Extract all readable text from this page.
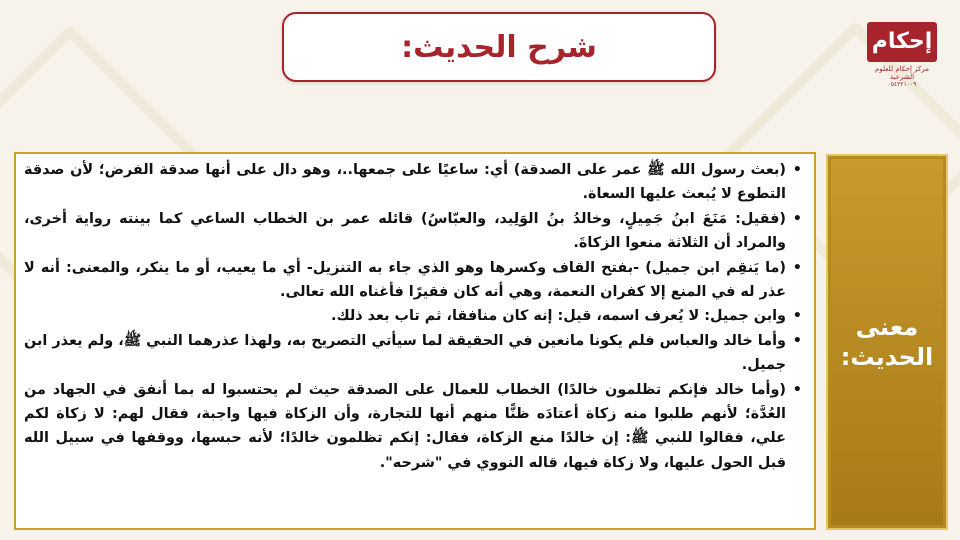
شرح الحديث:	إحكام
مركز إحكام للعلوم الشرعية
٠٥٤٣٢١٠٠٩
• (بعث رسول الله ﷺ عمر على الصدقة) أي: ساعيًا على جمعها..، وهو دال على أنها صدقة الفرض؛ لأن صدقة التطوع لا يُبعث عليها السعاة.
• (فقيل: مَنَعَ ابنُ جَمِيلٍ، وخالدُ بنُ الوَلِيد، والعبّاسُ) قائله عمر بن الخطاب الساعي كما بينته رواية أخرى، والمراد أن الثلاثة منعوا الزكاةَ.
• (ما يَنقِم ابن جميل) -بفتح القاف وكسرها وهو الذي جاء به التنزيل- أي ما يعيب، أو ما ينكر، والمعنى: أنه لا عذر له في المنع إلا كفران النعمة، وهي أنه كان فقيرًا فأغناه الله تعالى.
• وابن جميل: لا يُعرف اسمه، قيل: إنه كان منافقا، ثم تاب بعد ذلك.
• وأما خالد والعباس فلم يكونا مانعين في الحقيقة لما سيأتي التصريح به، ولهذا عذرهما النبي ﷺ، ولم يعذر ابن جميل.
• (وأما خالد فإنكم تظلمون خالدًا) الخطاب للعمال على الصدقة حيث لم يحتسبوا له بما أنفق في الجهاد من العُدَّة؛ لأنهم طلبوا منه زكاة أعتادَه ظنًّا منهم أنها للتجارة، وأن الزكاة فيها واجبة، فقال لهم: لا زكاة لكم علي، فقالوا للنبي ﷺ: إن خالدًا منع الزكاة، فقال: إنكم تظلمون خالدًا؛ لأنه حبسها، ووقفها في سبيل الله قبل الحول عليها، ولا زكاة فيها، قاله النووي في "شرحه".
معنى
الحديث:
